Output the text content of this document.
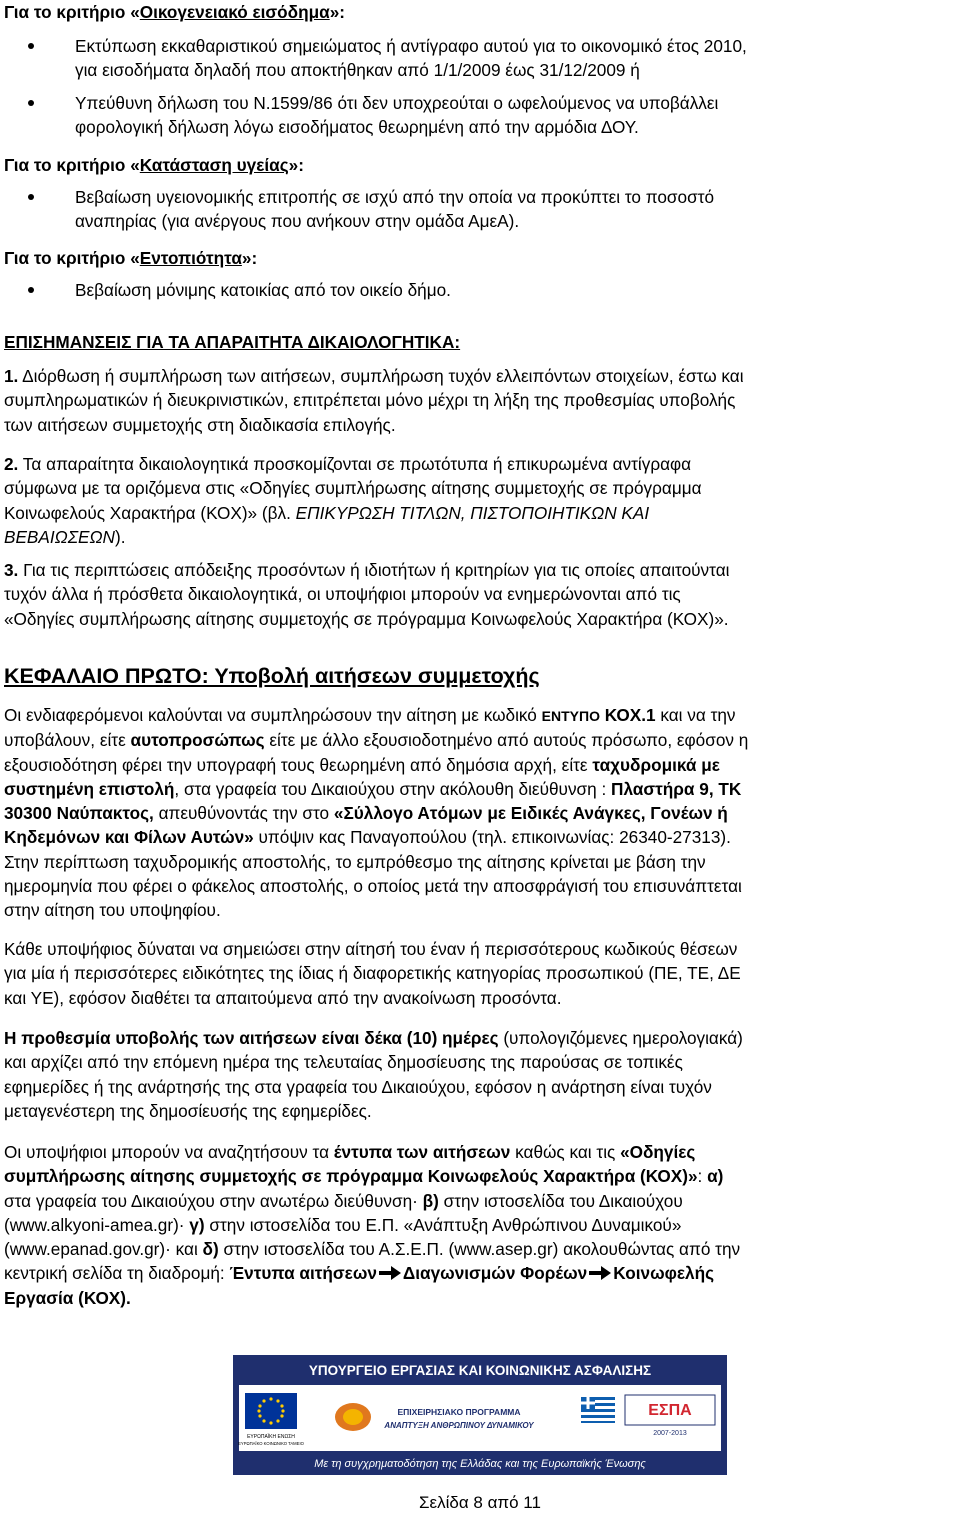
Για το κριτήριο «Οικογενειακό εισόδημα»:

Εκτύπωση εκκαθαριστικού σημειώματος ή αντίγραφο αυτού για το οικονομικό έτος 2010,
για εισοδήματα δηλαδή που αποκτήθηκαν από 1/1/2009 έως 31/12/2009 ή

Υπεύθυνη δήλωση του Ν.1599/86 ότι δεν υποχρεούται ο ωφελούμενος να υποβάλλει
φορολογική δήλωση λόγω εισοδήματος θεωρημένη από την αρμόδια ΔΟΥ.

Για το κριτήριο «Κατάσταση υγείας»:

Βεβαίωση υγειονομικής επιτροπής σε ισχύ από την οποία να προκύπτει το ποσοστό
αναπηρίας (για ανέργους που ανήκουν στην ομάδα ΑμεΑ).

Για το κριτήριο «Εντοπιότητα»:

Βεβαίωση μόνιμης κατοικίας από τον οικείο δήμο.

ΕΠΙΣΗΜΑΝΣΕΙΣ ΓΙΑ ΤΑ ΑΠΑΡΑΙΤΗΤΑ ΔΙΚΑΙΟΛΟΓΗΤΙΚΑ:

1. Διόρθωση ή συμπλήρωση των αιτήσεων, συμπλήρωση τυχόν ελλειπόντων στοιχείων, έστω και
συμπληρωματικών ή διευκρινιστικών, επιτρέπεται μόνο μέχρι τη λήξη της προθεσμίας υποβολής
των αιτήσεων συμμετοχής στη διαδικασία επιλογής.

2. Τα απαραίτητα δικαιολογητικά προσκομίζονται σε πρωτότυπα ή επικυρωμένα αντίγραφα
σύμφωνα με τα οριζόμενα στις «Οδηγίες συμπλήρωσης αίτησης συμμετοχής σε πρόγραμμα
Κοινωφελούς Χαρακτήρα (ΚΟΧ)» (βλ. ΕΠΙΚΥΡΩΣΗ ΤΙΤΛΩΝ, ΠΙΣΤΟΠΟΙΗΤΙΚΩΝ ΚΑΙ
ΒΕΒΑΙΩΣΕΩΝ).

3. Για τις περιπτώσεις απόδειξης προσόντων ή ιδιοτήτων ή κριτηρίων για τις οποίες απαιτούνται
τυχόν άλλα ή πρόσθετα δικαιολογητικά, οι υποψήφιοι μπορούν να ενημερώνονται από τις
«Οδηγίες συμπλήρωσης αίτησης συμμετοχής σε πρόγραμμα Κοινωφελούς Χαρακτήρα (ΚΟΧ)».

ΚΕΦΑΛΑΙΟ ΠΡΩΤΟ: Υποβολή αιτήσεων συμμετοχής

Οι ενδιαφερόμενοι καλούνται να συμπληρώσουν την αίτηση με κωδικό ΕΝΤΥΠΟ ΚΟΧ.1 και να την
υποβάλουν, είτε αυτοπροσώπως είτε με άλλο εξουσιοδοτημένο από αυτούς πρόσωπο, εφόσον η
εξουσιοδότηση φέρει την υπογραφή τους θεωρημένη από δημόσια αρχή, είτε ταχυδρομικά με
συστημένη επιστολή, στα γραφεία του Δικαιούχου στην ακόλουθη διεύθυνση : Πλαστήρα 9, ΤΚ
30300 Ναύπακτος, απευθύνοντάς την στο «Σύλλογο Ατόμων με Ειδικές Ανάγκες, Γονέων ή
Κηδεμόνων και Φίλων Αυτών» υπόψιν κας Παναγοπούλου (τηλ. επικοινωνίας: 26340-27313).
Στην περίπτωση ταχυδρομικής αποστολής, το εμπρόθεσμο της αίτησης κρίνεται με βάση την
ημερομηνία που φέρει ο φάκελος αποστολής, ο οποίος μετά την αποσφράγισή του επισυνάπτεται
στην αίτηση του υποψηφίου.

Κάθε υποψήφιος δύναται να σημειώσει στην αίτησή του έναν ή περισσότερους κωδικούς θέσεων
για μία ή περισσότερες ειδικότητες της ίδιας ή διαφορετικής κατηγορίας προσωπικού (ΠΕ, ΤΕ, ΔΕ
και ΥΕ), εφόσον διαθέτει τα απαιτούμενα από την ανακοίνωση προσόντα.

Η προθεσμία υποβολής των αιτήσεων είναι δέκα (10) ημέρες (υπολογιζόμενες ημερολογιακά)
και αρχίζει από την επόμενη ημέρα της τελευταίας δημοσίευσης της παρούσας σε τοπικές
εφημερίδες ή της ανάρτησής της στα γραφεία του Δικαιούχου, εφόσον η ανάρτηση είναι τυχόν
μεταγενέστερη της δημοσίευσής της εφημερίδες.

Οι υποψήφιοι μπορούν να αναζητήσουν τα έντυπα των αιτήσεων καθώς και τις «Οδηγίες
συμπλήρωσης αίτησης συμμετοχής σε πρόγραμμα Κοινωφελούς Χαρακτήρα (ΚΟΧ)»: α)
στα γραφεία του Δικαιούχου στην ανωτέρω διεύθυνση· β) στην ιστοσελίδα του Δικαιούχου
(www.alkyoni-amea.gr)· γ) στην ιστοσελίδα του Ε.Π. «Ανάπτυξη Ανθρώπινου Δυναμικού»
(www.epanad.gov.gr)· και δ) στην ιστοσελίδα του Α.Σ.Ε.Π. (www.asep.gr) ακολουθώντας από την
κεντρική σελίδα τη διαδρομή: Έντυπα αιτήσεων Διαγωνισμών Φορέων Κοινωφελής
Εργασία (ΚΟΧ).

ΥΠΟΥΡΓΕΙΟ ΕΡΓΑΣΙΑΣ ΚΑΙ ΚΟΙΝΩΝΙΚΗΣ ΑΣΦΑΛΙΣΗΣ
ΕΥΡΩΠΑΪΚΗ ΕΝΩΣΗ
ΕΥΡΩΠΑΪΚΟ ΚΟΙΝΩΝΙΚΟ ΤΑΜΕΙΟ
ΕΠΙΧΕΙΡΗΣΙΑΚΟ ΠΡΟΓΡΑΜΜΑ
ΑΝΑΠΤΥΞΗ ΑΝΘΡΩΠΙΝΟΥ ΔΥΝΑΜΙΚΟΥ
ΕΣΠΑ
2007-2013
Με τη συγχρηματοδότηση της Ελλάδας και της Ευρωπαϊκής Ένωσης
Σελίδα 8 από 11
